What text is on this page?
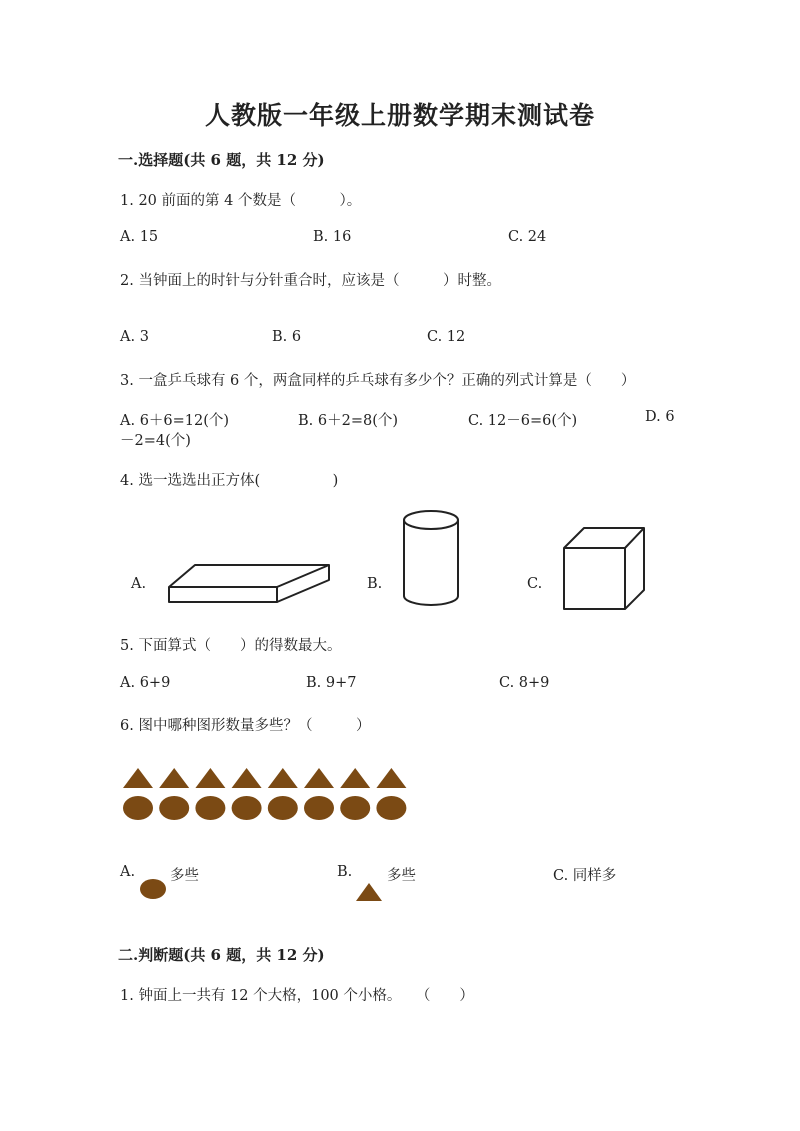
人教版一年级上册数学期末测试卷
一.选择题(共 6 题，共 12 分)
1. 20 前面的第 4 个数是（　　　）。
A. 15	B. 16	C. 24
2. 当钟面上的时针与分针重合时，应该是（　　　）时整。
A. 3	B. 6	C. 12
3. 一盒乒乓球有 6 个，两盒同样的乒乓球有多少个？正确的列式计算是（　　）
A. 6＋6=12(个)	B. 6＋2=8(个)	C. 12－6=6(个)	D. 6
－2=4(个)
4. 选一选选出正方体(　　　　　)
A.	B.	C.
5. 下面算式（　　）的得数最大。
A. 6+9	B. 9+7	C. 8+9
6. 图中哪种图形数量多些？（　　　）
A. 多些	B. 多些	C. 同样多
二.判断题(共 6 题，共 12 分)
1. 钟面上一共有 12 个大格，100 个小格。　　（　　）
